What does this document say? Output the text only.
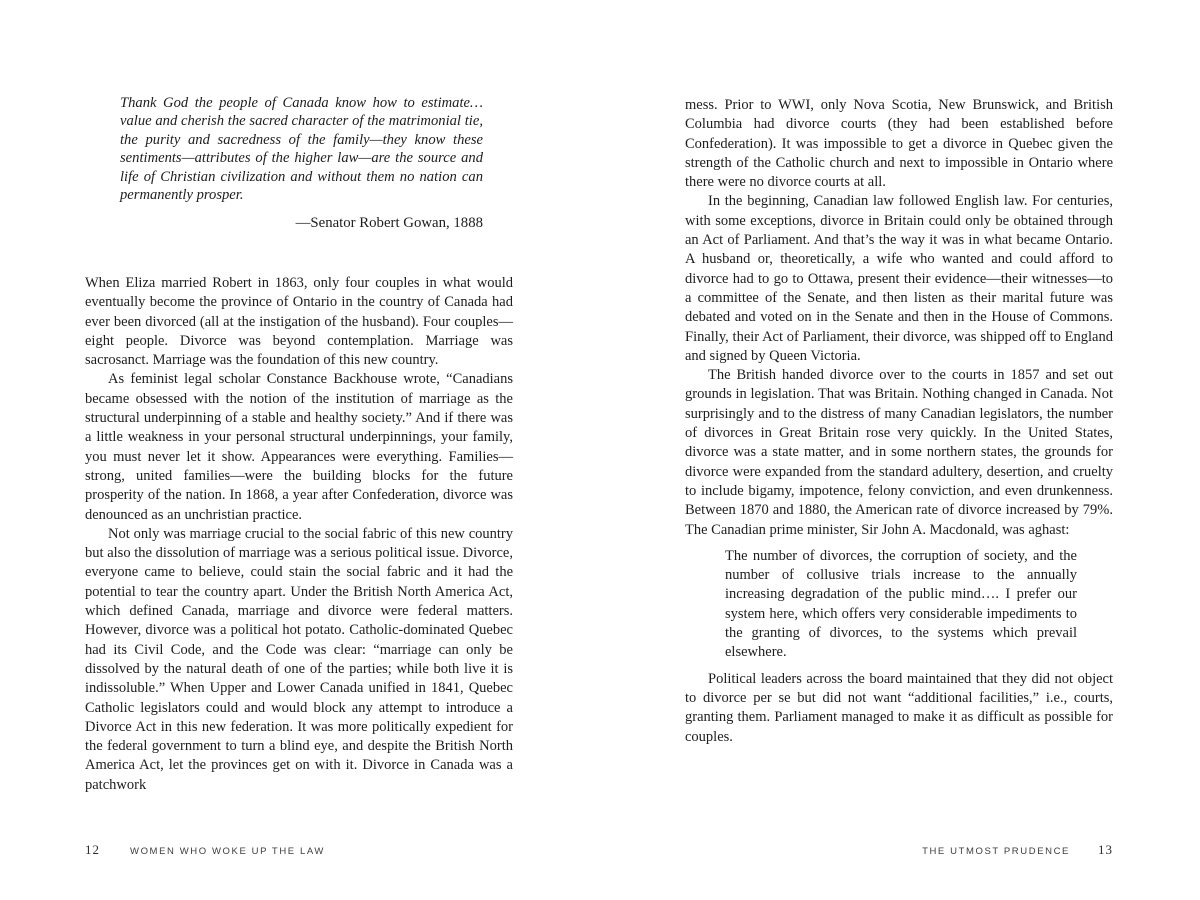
Thank God the people of Canada know how to estimate… value and cherish the sacred character of the matrimonial tie, the purity and sacredness of the family—they know these sentiments—attributes of the higher law—are the source and life of Christian civilization and without them no nation can permanently prosper.

—Senator Robert Gowan, 1888

When Eliza married Robert in 1863, only four couples in what would eventually become the province of Ontario in the country of Canada had ever been divorced (all at the instigation of the husband). Four couples—eight people. Divorce was beyond contemplation. Marriage was sacrosanct. Marriage was the foundation of this new country.

As feminist legal scholar Constance Backhouse wrote, “Canadians became obsessed with the notion of the institution of marriage as the structural underpinning of a stable and healthy society.” And if there was a little weakness in your personal structural underpinnings, your family, you must never let it show. Appearances were everything. Families—strong, united families—were the building blocks for the future prosperity of the nation. In 1868, a year after Confederation, divorce was denounced as an unchristian practice.

Not only was marriage crucial to the social fabric of this new country but also the dissolution of marriage was a serious political issue. Divorce, everyone came to believe, could stain the social fabric and it had the potential to tear the country apart. Under the British North America Act, which defined Canada, marriage and divorce were federal matters. However, divorce was a political hot potato. Catholic-dominated Quebec had its Civil Code, and the Code was clear: “marriage can only be dissolved by the natural death of one of the parties; while both live it is indissoluble.” When Upper and Lower Canada unified in 1841, Quebec Catholic legislators could and would block any attempt to introduce a Divorce Act in this new federation. It was more politically expedient for the federal government to turn a blind eye, and despite the British North America Act, let the provinces get on with it. Divorce in Canada was a patchwork

12	WOMEN WHO WOKE UP THE LAW

mess. Prior to WWI, only Nova Scotia, New Brunswick, and British Columbia had divorce courts (they had been established before Confederation). It was impossible to get a divorce in Quebec given the strength of the Catholic church and next to impossible in Ontario where there were no divorce courts at all.

In the beginning, Canadian law followed English law. For centuries, with some exceptions, divorce in Britain could only be obtained through an Act of Parliament. And that’s the way it was in what became Ontario. A husband or, theoretically, a wife who wanted and could afford to divorce had to go to Ottawa, present their evidence—their witnesses—to a committee of the Senate, and then listen as their marital future was debated and voted on in the Senate and then in the House of Commons. Finally, their Act of Parliament, their divorce, was shipped off to England and signed by Queen Victoria.

The British handed divorce over to the courts in 1857 and set out grounds in legislation. That was Britain. Nothing changed in Canada. Not surprisingly and to the distress of many Canadian legislators, the number of divorces in Great Britain rose very quickly. In the United States, divorce was a state matter, and in some northern states, the grounds for divorce were expanded from the standard adultery, desertion, and cruelty to include bigamy, impotence, felony conviction, and even drunkenness. Between 1870 and 1880, the American rate of divorce increased by 79%. The Canadian prime minister, Sir John A. Macdonald, was aghast:

The number of divorces, the corruption of society, and the number of collusive trials increase to the annually increasing degradation of the public mind…. I prefer our system here, which offers very considerable impediments to the granting of divorces, to the systems which prevail elsewhere.

Political leaders across the board maintained that they did not object to divorce per se but did not want “additional facilities,” i.e., courts, granting them. Parliament managed to make it as difficult as possible for couples.

THE UTMOST PRUDENCE 13
